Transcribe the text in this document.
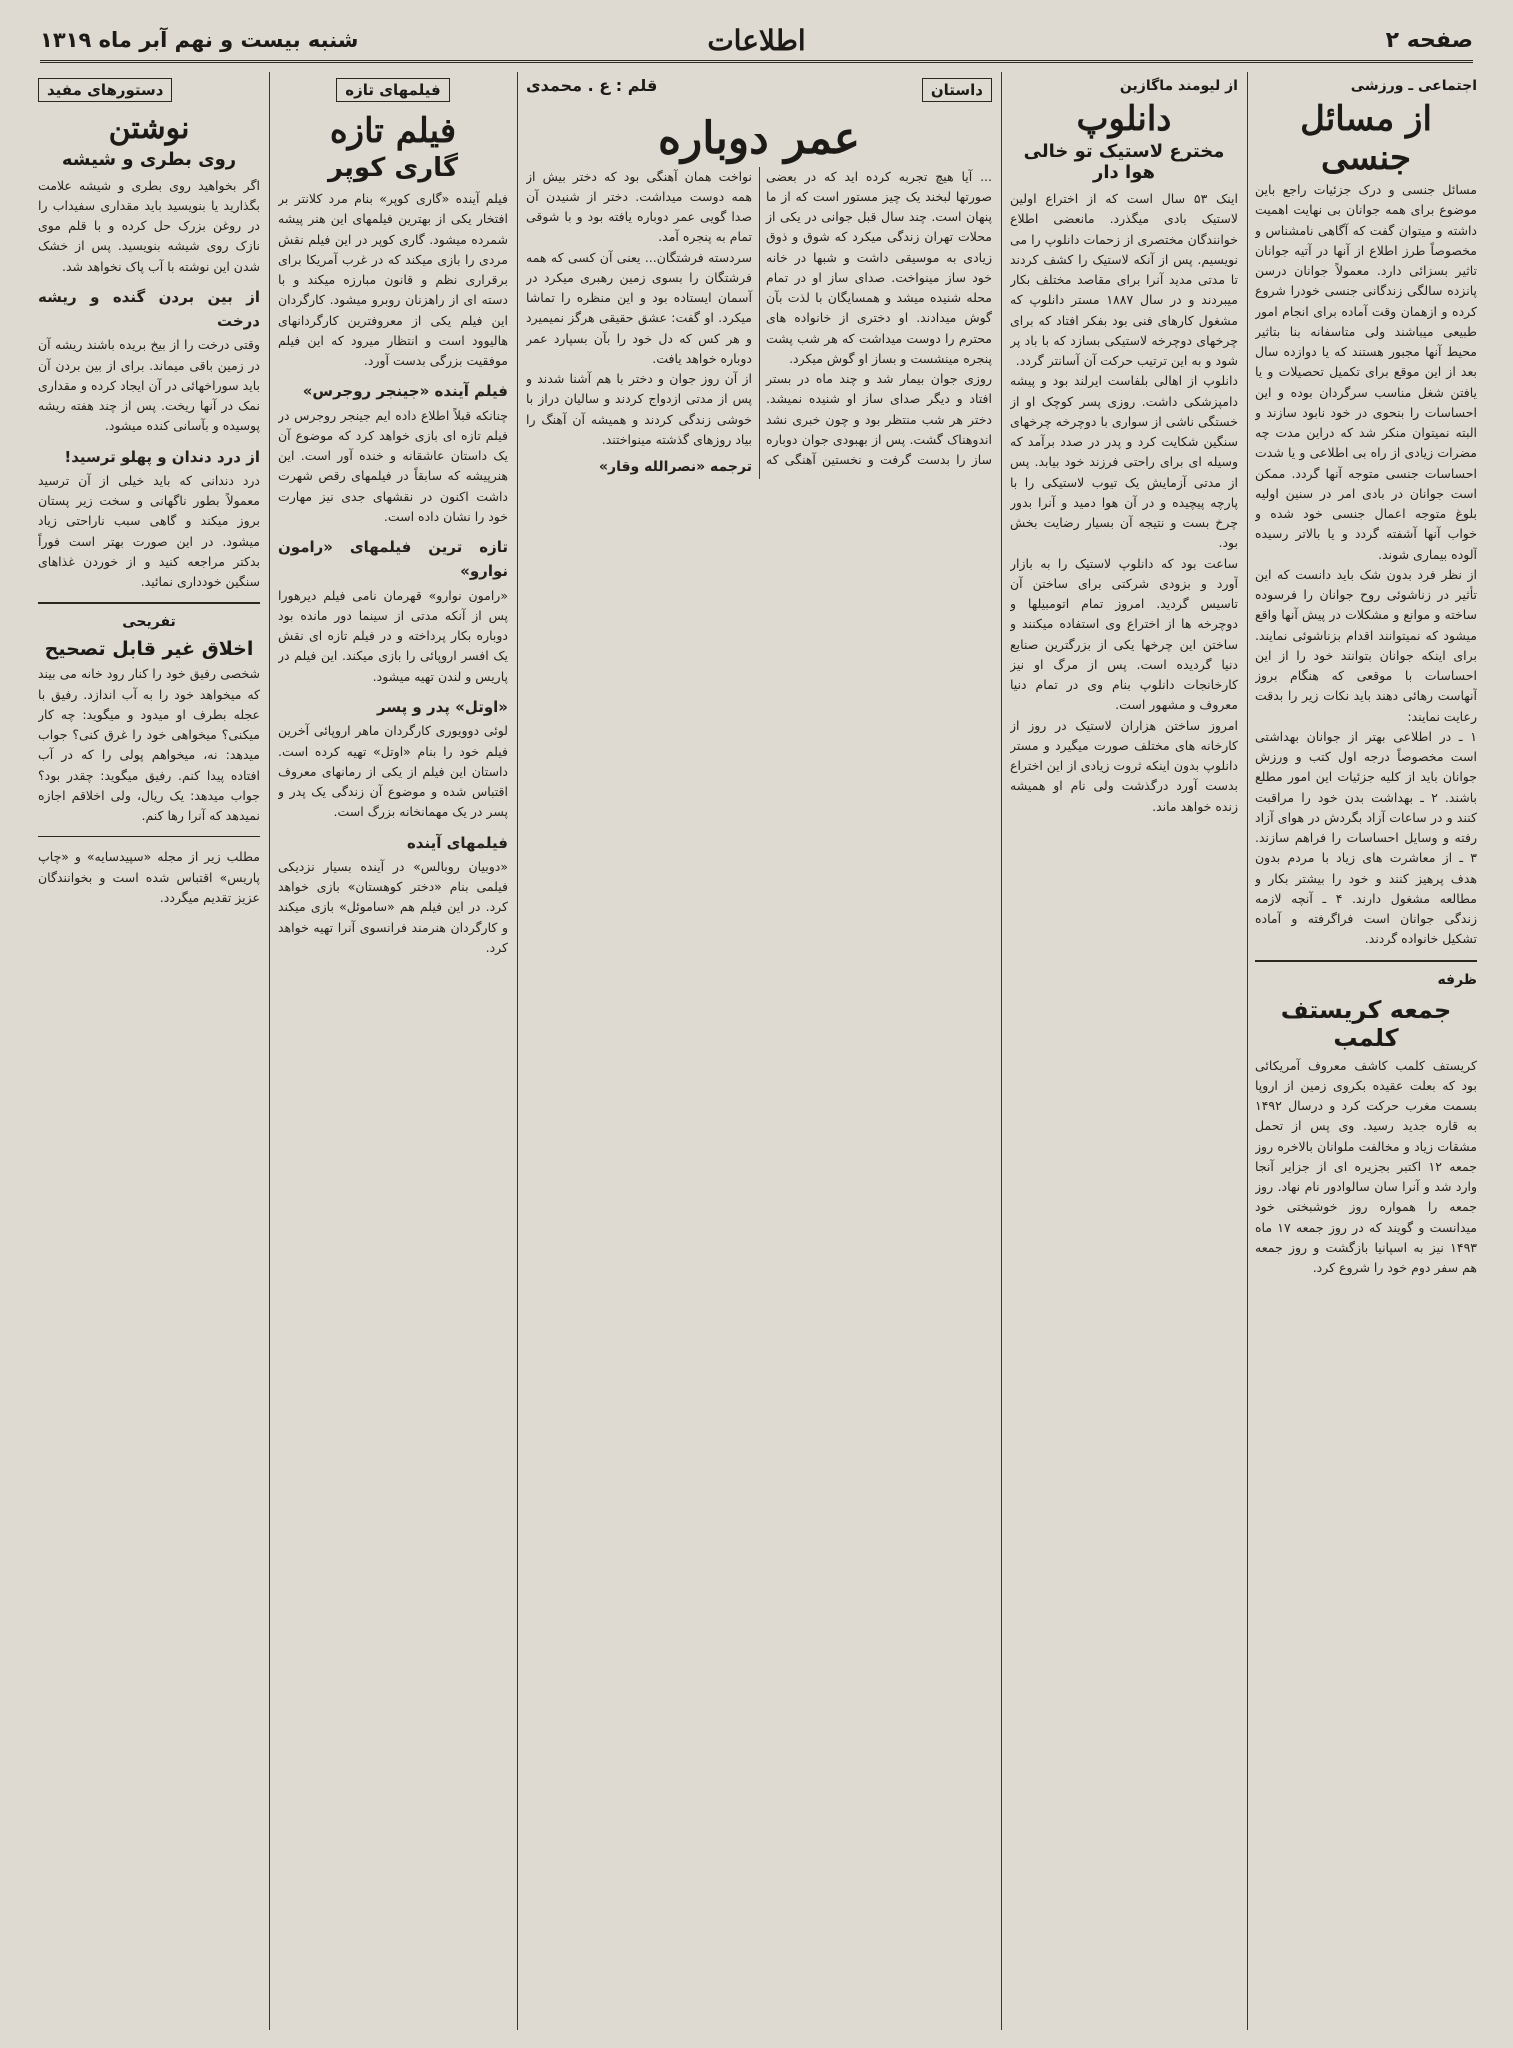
صفحه ۲
اطلاعات
شنبه بیست و نهم آبر ماه ۱۳۱۹
اجتماعی ـ ورزشی
از مسائل جنسی

مسائل جنسی و درک جزئیات راجع باین موضوع برای همه جوانان بی نهایت اهمیت داشته و میتوان گفت که آگاهی نامشناس و مخصوصاً طرز اطلاع از آنها در آتیه جوانان تاثیر بسزائی دارد. معمولاً جوانان درسن پانزده سالگی زندگانی جنسی خودرا شروع کرده و ازهمان وقت آماده برای انجام امور طبیعی میباشند ولی متاسفانه بنا بتاثیر محیط آنها مجبور هستند که یا دوازده سال بعد از این موقع برای تکمیل تحصیلات و یا یافتن شغل مناسب سرگردان بوده و این احساسات را بنحوی در خود نابود سازند و البته نمیتوان منکر شد که دراین مدت چه مضرات زیادی از راه بی اطلاعی و یا شدت احساسات جنسی متوجه آنها گردد. ممکن است جوانان در بادی امر در سنین اولیه بلوغ متوجه اعمال جنسی خود شده و خواب آنها آشفته گردد و یا بالاتر رسیده آلوده بیماری شوند.

از نظر فرد بدون شک باید دانست که این تأثیر در زناشوئی روح جوانان را فرسوده ساخته و موانع و مشکلات در پیش آنها واقع میشود که نمیتوانند اقدام بزناشوئی نمایند. برای اینکه جوانان بتوانند خود را از این احساسات با موقعی که هنگام بروز آنهاست رهائی دهند باید نکات زیر را بدقت رعایت نمایند:

۱ ـ در اطلاعی بهتر از جوانان بهداشتی است مخصوصاً درجه اول کتب و ورزش جوانان باید از کلیه جزئیات این امور مطلع باشند. ۲ ـ بهداشت بدن خود را مراقبت کنند و در ساعات آزاد بگردش در هوای آزاد رفته و وسایل احساسات را فراهم سازند. ۳ ـ از معاشرت های زیاد با مردم بدون هدف پرهیز کنند و خود را بیشتر بکار و مطالعه مشغول دارند. ۴ ـ آنچه لازمه زندگی جوانان است فراگرفته و آماده تشکیل خانواده گردند.

ظرفه
جمعه کریستف کلمب

کریستف کلمب کاشف معروف آمریکائی بود که بعلت عقیده بکروی زمین از اروپا بسمت مغرب حرکت کرد و درسال ۱۴۹۲ به قاره جدید رسید. وی پس از تحمل مشقات زیاد و مخالفت ملوانان بالاخره روز جمعه ۱۲ اکتبر بجزیره ای از جزایر آنجا وارد شد و آنرا سان سالوادور نام نهاد. روز جمعه را همواره روز خوشبختی خود میدانست و گویند که در روز جمعه ۱۷ ماه ۱۴۹۳ نیز به اسپانیا بازگشت و روز جمعه هم سفر دوم خود را شروع کرد.

از لیومند ماگازین
دانلوپ
مخترع لاستیک تو خالی هوا دار

اینک ۵۳ سال است که از اختراع اولین لاستیک بادی میگذرد. مانعضی اطلاع خوانندگان مختصری از زحمات دانلوپ را می نویسیم. پس از آنکه لاستیک را کشف کردند تا مدتی مدید آنرا برای مقاصد مختلف بکار میبردند و در سال ۱۸۸۷ مستر دانلوپ که مشغول کارهای فنی بود بفکر افتاد که برای چرخهای دوچرخه لاستیکی بسازد که با باد پر شود و به این ترتیب حرکت آن آسانتر گردد.

دانلوپ از اهالی بلفاست ایرلند بود و پیشه دامپزشکی داشت. روزی پسر کوچک او از خستگی ناشی از سواری با دوچرخه چرخهای سنگین شکایت کرد و پدر در صدد برآمد که وسیله ای برای راحتی فرزند خود بیابد. پس از مدتی آزمایش یک تیوب لاستیکی را با پارچه پیچیده و در آن هوا دمید و آنرا بدور چرخ بست و نتیجه آن بسیار رضایت بخش بود.

ساعت بود که دانلوپ لاستیک را به بازار آورد و بزودی شرکتی برای ساختن آن تاسیس گردید. امروز تمام اتومبیلها و دوچرخه ها از اختراع وی استفاده میکنند و ساختن این چرخها یکی از بزرگترین صنایع دنیا گردیده است. پس از مرگ او نیز کارخانجات دانلوپ بنام وی در تمام دنیا معروف و مشهور است.

امروز ساختن هزاران لاستیک در روز از کارخانه های مختلف صورت میگیرد و مستر دانلوپ بدون اینکه ثروت زیادی از این اختراع بدست آورد درگذشت ولی نام او همیشه زنده خواهد ماند.

داستان
قلم : ع . محمدی
عمر دوباره

... آیا هیچ تجربه کرده اید که در بعضی صورتها لبخند یک چیز مستور است که از ما پنهان است. چند سال قبل جوانی در یکی از محلات تهران زندگی میکرد که شوق و ذوق زیادی به موسیقی داشت و شبها در خانه خود ساز مینواخت. صدای ساز او در تمام محله شنیده میشد و همسایگان با لذت بآن گوش میدادند. او دختری از خانواده های محترم را دوست میداشت که هر شب پشت پنجره مینشست و بساز او گوش میکرد.

روزی جوان بیمار شد و چند ماه در بستر افتاد و دیگر صدای ساز او شنیده نمیشد. دختر هر شب منتظر بود و چون خبری نشد اندوهناک گشت. پس از بهبودی جوان دوباره ساز را بدست گرفت و نخستین آهنگی که نواخت همان آهنگی بود که دختر بیش از همه دوست میداشت. دختر از شنیدن آن صدا گویی عمر دوباره یافته بود و با شوقی تمام به پنجره آمد.

سردسته فرشتگان... یعنی آن کسی که همه فرشتگان را بسوی زمین رهبری میکرد در آسمان ایستاده بود و این منظره را تماشا میکرد. او گفت: عشق حقیقی هرگز نمیمیرد و هر کس که دل خود را بآن بسپارد عمر دوباره خواهد یافت.

از آن روز جوان و دختر با هم آشنا شدند و پس از مدتی ازدواج کردند و سالیان دراز با خوشی زندگی کردند و همیشه آن آهنگ را بیاد روزهای گذشته مینواختند.

ترجمه «نصرالله وقار»
فیلمهای تازه
فیلم تازه
گاری کوپر

فیلم آینده «گاری کوپر» بنام مرد کلانتر بر افتخار یکی از بهترین فیلمهای این هنر پیشه شمرده میشود. گاری کوپر در این فیلم نقش مردی را بازی میکند که در غرب آمریکا برای برقراری نظم و قانون مبارزه میکند و با دسته ای از راهزنان روبرو میشود. کارگردان این فیلم یکی از معروفترین کارگردانهای هالیوود است و انتظار میرود که این فیلم موفقیت بزرگی بدست آورد.

فیلم آینده «جینجر روجرس»

چنانکه قبلاً اطلاع داده ایم جینجر روجرس در فیلم تازه ای بازی خواهد کرد که موضوع آن یک داستان عاشقانه و خنده آور است. این هنرپیشه که سابقاً در فیلمهای رقص شهرت داشت اکنون در نقشهای جدی نیز مهارت خود را نشان داده است.

تازه ترین فیلمهای «رامون نوارو»

«رامون نوارو» قهرمان نامی فیلم دیرهورا پس از آنکه مدتی از سینما دور مانده بود دوباره بکار پرداخته و در فیلم تازه ای نقش یک افسر اروپائی را بازی میکند. این فیلم در پاریس و لندن تهیه میشود.

«اوتل» پدر و پسر

لوئی دوویوری کارگردان ماهر اروپائی آخرین فیلم خود را بنام «اوتل» تهیه کرده است. داستان این فیلم از یکی از رمانهای معروف اقتباس شده و موضوع آن زندگی یک پدر و پسر در یک مهمانخانه بزرگ است.

فیلمهای آینده

«دوبیان روبالس» در آینده بسیار نزدیکی فیلمی بنام «دختر کوهستان» بازی خواهد کرد. در این فیلم هم «ساموئل» بازی میکند و کارگردان هنرمند فرانسوی آنرا تهیه خواهد کرد.

دستورهای مفید
نوشتن
روی بطری و شیشه

اگر بخواهید روی بطری و شیشه علامت بگذارید یا بنویسید باید مقداری سفیداب را در روغن بزرک حل کرده و با قلم موی نازک روی شیشه بنویسید. پس از خشک شدن این نوشته با آب پاک نخواهد شد.

از بین بردن گنده و ریشه درخت

وقتی درخت را از بیخ بریده باشند ریشه آن در زمین باقی میماند. برای از بین بردن آن باید سوراخهائی در آن ایجاد کرده و مقداری نمک در آنها ریخت. پس از چند هفته ریشه پوسیده و بآسانی کنده میشود.

از درد دندان و پهلو ترسید!

درد دندانی که باید خیلی از آن ترسید معمولاً بطور ناگهانی و سخت زیر پستان بروز میکند و گاهی سبب ناراحتی زیاد میشود. در این صورت بهتر است فوراً بدکتر مراجعه کنید و از خوردن غذاهای سنگین خودداری نمائید.

تفریحی
اخلاق غیر قابل تصحیح

شخصی رفیق خود را کنار رود خانه می بیند که میخواهد خود را به آب اندازد. رفیق با عجله بطرف او میدود و میگوید: چه کار میکنی؟ میخواهی خود را غرق کنی؟ جواب میدهد: نه، میخواهم پولی را که در آب افتاده پیدا کنم. رفیق میگوید: چقدر بود؟ جواب میدهد: یک ریال، ولی اخلاقم اجازه نمیدهد که آنرا رها کنم.

مطلب زیر از مجله «سپیدسایه» و «چاپ پاریس» اقتباس شده است و بخوانندگان عزیز تقدیم میگردد.
